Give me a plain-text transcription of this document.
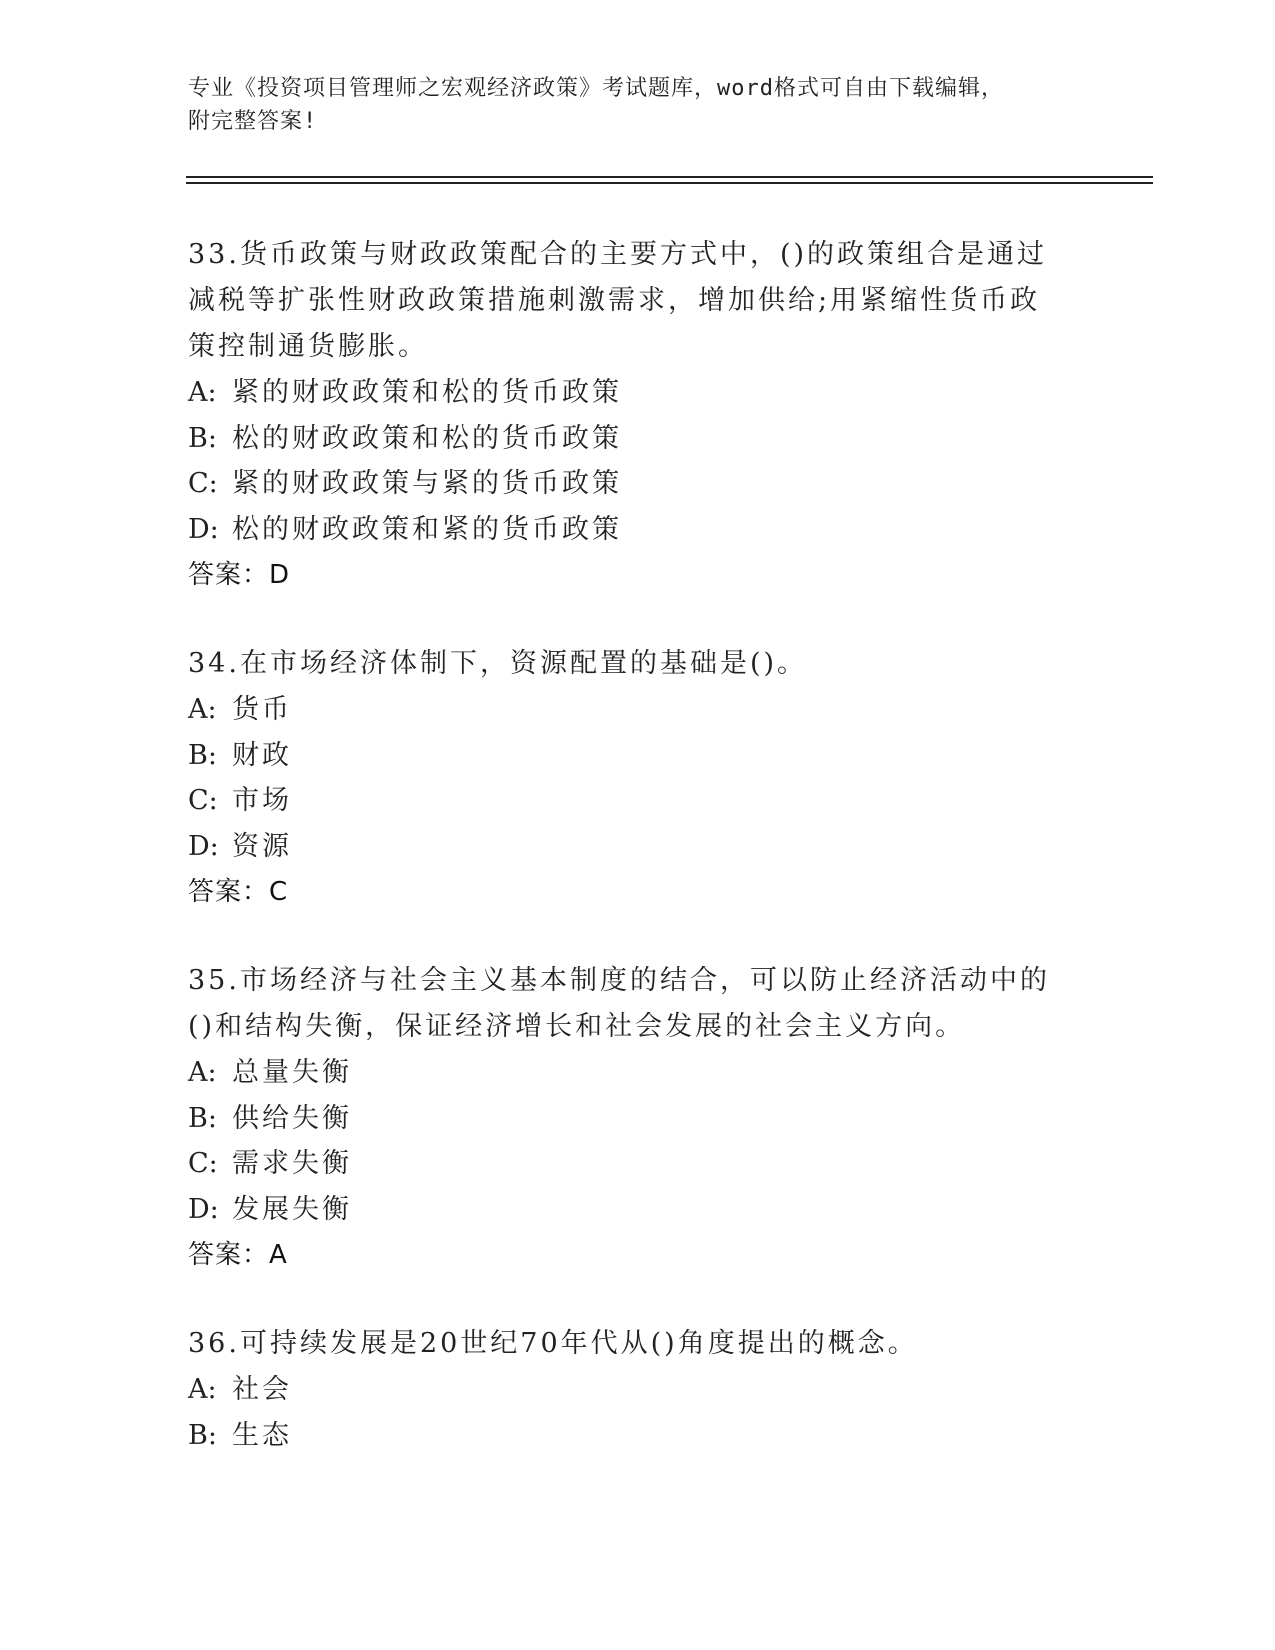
专业《投资项目管理师之宏观经济政策》考试题库，word格式可自由下载编辑，

附完整答案!

33.货币政策与财政政策配合的主要方式中，()的政策组合是通过减税等扩张性财政政策措施刺激需求，增加供给;用紧缩性货币政策控制通货膨胀。

A: 紧的财政政策和松的货币政策

B: 松的财政政策和松的货币政策

C: 紧的财政政策与紧的货币政策

D: 松的财政政策和紧的货币政策

答案：D

34.在市场经济体制下，资源配置的基础是()。

A: 货币

B: 财政

C: 市场

D: 资源

答案：C

35.市场经济与社会主义基本制度的结合，可以防止经济活动中的()和结构失衡，保证经济增长和社会发展的社会主义方向。

A: 总量失衡

B: 供给失衡

C: 需求失衡

D: 发展失衡

答案：A

36.可持续发展是20世纪70年代从()角度提出的概念。

A: 社会

B: 生态
